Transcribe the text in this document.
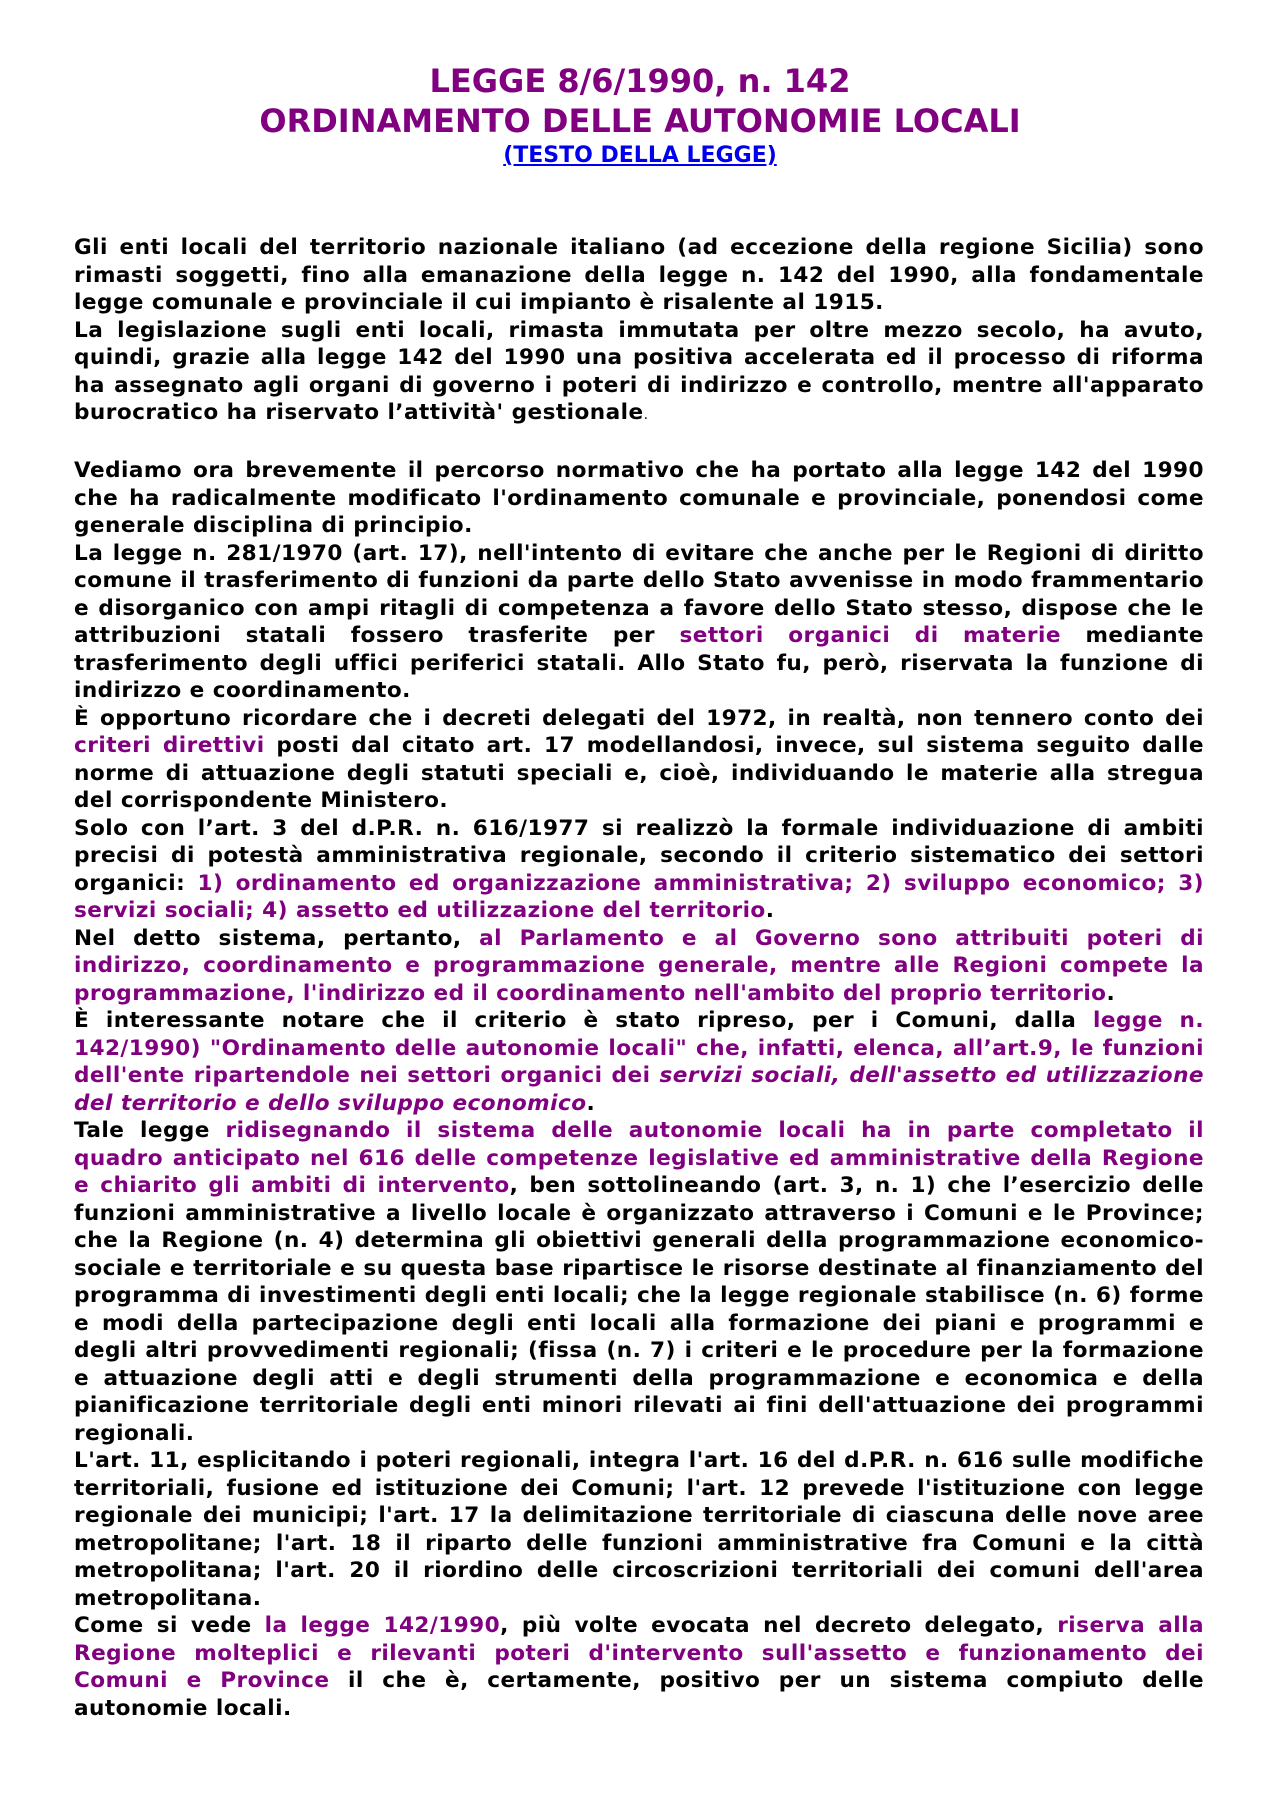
LEGGE 8/6/1990, n. 142
ORDINAMENTO DELLE AUTONOMIE LOCALI
(TESTO DELLA LEGGE)

Gli enti locali del territorio nazionale italiano (ad eccezione della regione Sicilia) sono rimasti soggetti, fino alla emanazione della legge n. 142 del 1990, alla fondamentale legge comunale e provinciale il cui impianto è risalente al 1915.

La legislazione sugli enti locali, rimasta immutata per oltre mezzo secolo, ha avuto, quindi, grazie alla legge 142 del 1990 una positiva accelerata ed il processo di riforma ha assegnato agli organi di governo i poteri di indirizzo e controllo, mentre all'apparato burocratico ha riservato l’attività' gestionale.

Vediamo ora brevemente il percorso normativo che ha portato alla legge 142 del 1990 che ha radicalmente modificato l'ordinamento comunale e provinciale, ponendosi come generale disciplina di principio.

La legge n. 281/1970 (art. 17), nell'intento di evitare che anche per le Regioni di diritto comune il trasferimento di funzioni da parte dello Stato avvenisse in modo frammentario e disorganico con ampi ritagli di competenza a favore dello Stato stesso, dispose che le attribuzioni statali fossero trasferite per settori organici di materie mediante trasferimento degli uffici periferici statali. Allo Stato fu, però, riservata la funzione di indirizzo e coordinamento.

È opportuno ricordare che i decreti delegati del 1972, in realtà, non tennero conto dei criteri direttivi posti dal citato art. 17 modellandosi, invece, sul sistema seguito dalle norme di attuazione degli statuti speciali e, cioè, individuando le materie alla stregua del corrispondente Ministero.

Solo con l’art. 3 del d.P.R. n. 616/1977 si realizzò la formale individuazione di ambiti precisi di potestà amministrativa regionale, secondo il criterio sistematico dei settori organici: 1) ordinamento ed organizzazione amministrativa; 2) sviluppo economico; 3) servizi sociali; 4) assetto ed utilizzazione del territorio.

Nel detto sistema, pertanto, al Parlamento e al Governo sono attribuiti poteri di indirizzo, coordinamento e programmazione generale, mentre alle Regioni compete la programmazione, l'indirizzo ed il coordinamento nell'ambito del proprio territorio.

È interessante notare che il criterio è stato ripreso, per i Comuni, dalla legge n. 142/1990) "Ordinamento delle autonomie locali" che, infatti, elenca, all’art.9, le funzioni dell'ente ripartendole nei settori organici dei servizi sociali, dell'assetto ed utilizzazione del territorio e dello sviluppo economico.

Tale legge ridisegnando il sistema delle autonomie locali ha in parte completato il quadro anticipato nel 616 delle competenze legislative ed amministrative della Regione e chiarito gli ambiti di intervento, ben sottolineando (art. 3, n. 1) che l’esercizio delle funzioni amministrative a livello locale è organizzato attraverso i Comuni e le Province; che la Regione (n. 4) determina gli obiettivi generali della programmazione economico-sociale e territoriale e su questa base ripartisce le risorse destinate al finanziamento del programma di investimenti degli enti locali; che la legge regionale stabilisce (n. 6) forme e modi della partecipazione degli enti locali alla formazione dei piani e programmi e degli altri provvedimenti regionali; (fissa (n. 7) i criteri e le procedure per la formazione e attuazione degli atti e degli strumenti della programmazione e economica e della pianificazione territoriale degli enti minori rilevati ai fini dell'attuazione dei programmi regionali.

L'art. 11, esplicitando i poteri regionali, integra l'art. 16 del d.P.R. n. 616 sulle modifiche territoriali, fusione ed istituzione dei Comuni; l'art. 12 prevede l'istituzione con legge regionale dei municipi; l'art. 17 la delimitazione territoriale di ciascuna delle nove aree metropolitane; l'art. 18 il riparto delle funzioni amministrative fra Comuni e la città metropolitana; l'art. 20 il riordino delle circoscrizioni territoriali dei comuni dell'area metropolitana.

Come si vede la legge 142/1990, più volte evocata nel decreto delegato, riserva alla Regione molteplici e rilevanti poteri d'intervento sull'assetto e funzionamento dei Comuni e Province il che è, certamente, positivo per un sistema compiuto delle autonomie locali.
